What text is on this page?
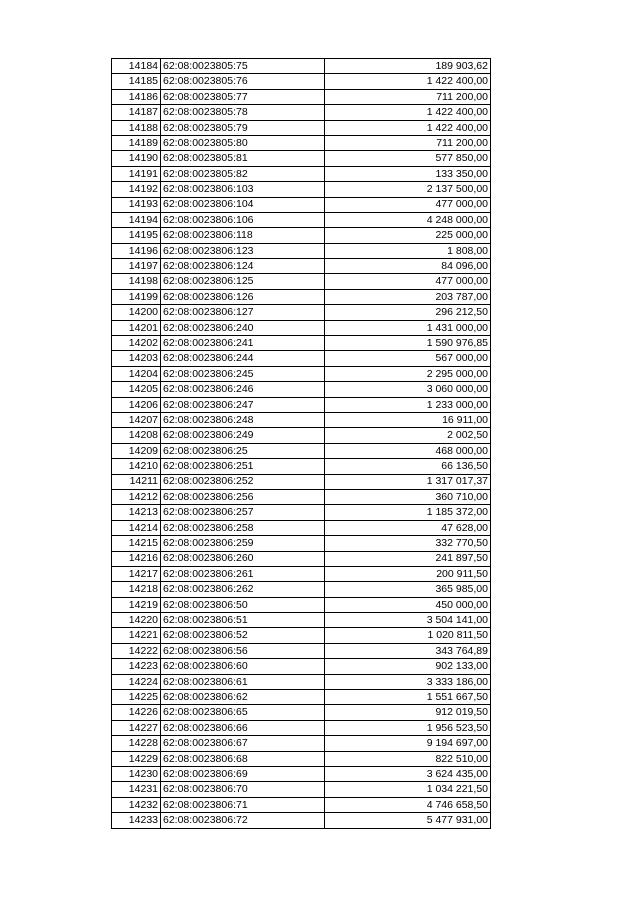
14184	62:08:0023805:75	189 903,62
14185	62:08:0023805:76	1 422 400,00
14186	62:08:0023805:77	711 200,00
14187	62:08:0023805:78	1 422 400,00
14188	62:08:0023805:79	1 422 400,00
14189	62:08:0023805:80	711 200,00
14190	62:08:0023805:81	577 850,00
14191	62:08:0023805:82	133 350,00
14192	62:08:0023806:103	2 137 500,00
14193	62:08:0023806:104	477 000,00
14194	62:08:0023806:106	4 248 000,00
14195	62:08:0023806:118	225 000,00
14196	62:08:0023806:123	1 808,00
14197	62:08:0023806:124	84 096,00
14198	62:08:0023806:125	477 000,00
14199	62:08:0023806:126	203 787,00
14200	62:08:0023806:127	296 212,50
14201	62:08:0023806:240	1 431 000,00
14202	62:08:0023806:241	1 590 976,85
14203	62:08:0023806:244	567 000,00
14204	62:08:0023806:245	2 295 000,00
14205	62:08:0023806:246	3 060 000,00
14206	62:08:0023806:247	1 233 000,00
14207	62:08:0023806:248	16 911,00
14208	62:08:0023806:249	2 002,50
14209	62:08:0023806:25	468 000,00
14210	62:08:0023806:251	66 136,50
14211	62:08:0023806:252	1 317 017,37
14212	62:08:0023806:256	360 710,00
14213	62:08:0023806:257	1 185 372,00
14214	62:08:0023806:258	47 628,00
14215	62:08:0023806:259	332 770,50
14216	62:08:0023806:260	241 897,50
14217	62:08:0023806:261	200 911,50
14218	62:08:0023806:262	365 985,00
14219	62:08:0023806:50	450 000,00
14220	62:08:0023806:51	3 504 141,00
14221	62:08:0023806:52	1 020 811,50
14222	62:08:0023806:56	343 764,89
14223	62:08:0023806:60	902 133,00
14224	62:08:0023806:61	3 333 186,00
14225	62:08:0023806:62	1 551 667,50
14226	62:08:0023806:65	912 019,50
14227	62:08:0023806:66	1 956 523,50
14228	62:08:0023806:67	9 194 697,00
14229	62:08:0023806:68	822 510,00
14230	62:08:0023806:69	3 624 435,00
14231	62:08:0023806:70	1 034 221,50
14232	62:08:0023806:71	4 746 658,50
14233	62:08:0023806:72	5 477 931,00
